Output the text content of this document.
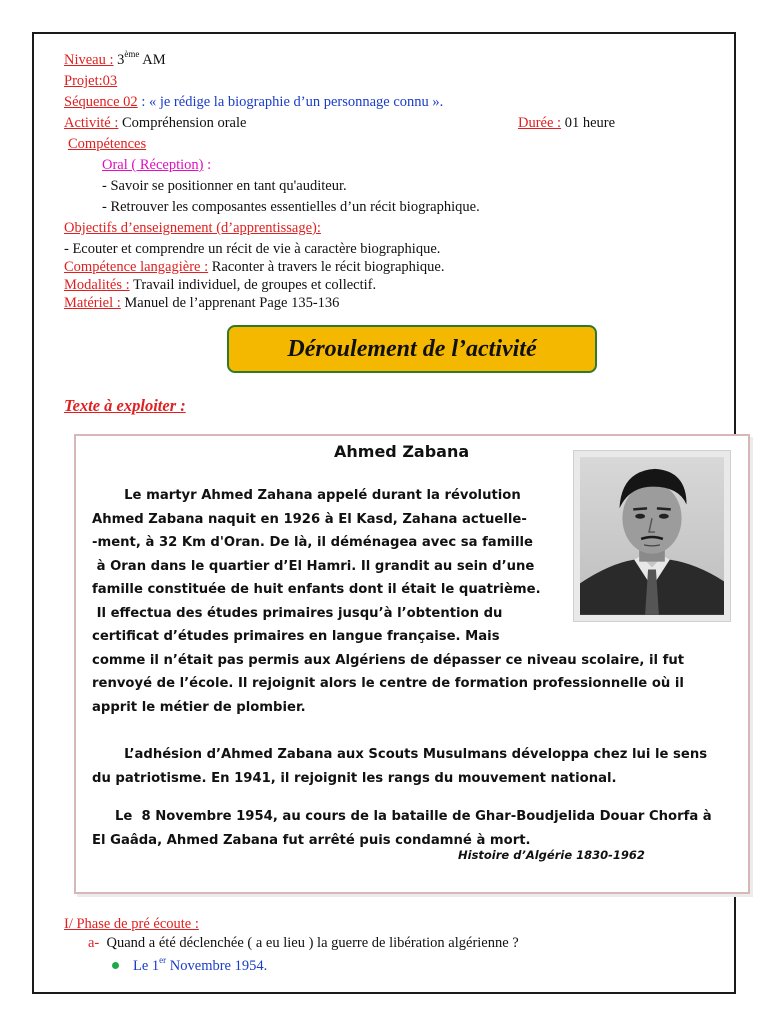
Niveau : 3ème AM
Projet:03
Séquence 02 : « je rédige la biographie d’un personnage connu ».
Activité : Compréhension orale	Durée : 01 heure
Compétences
Oral ( Réception) :
- Savoir se positionner en tant qu'auditeur.
- Retrouver les composantes essentielles d’un récit biographique.
Objectifs d’enseignement (d’apprentissage):
- Ecouter et comprendre un récit de vie à caractère biographique.
Compétence langagière : Raconter à travers le récit biographique.
Modalités : Travail individuel, de groupes et collectif.
Matériel : Manuel de l’apprenant Page 135-136
Déroulement de l’activité
Texte à exploiter :
Ahmed Zabana
Le martyr Ahmed Zahana appelé durant la révolution
Ahmed Zabana naquit en 1926 à El Kasd, Zahana actuelle-
-ment, à 32 Km d'Oran. De là, il déménagea avec sa famille
à Oran dans le quartier d’El Hamri. Il grandit au sein d’une
famille constituée de huit enfants dont il était le quatrième.
Il effectua des études primaires jusqu’à l’obtention du
certificat d’études primaires en langue française. Mais
comme il n’était pas permis aux Algériens de dépasser ce niveau scolaire, il fut
renvoyé de l’école. Il rejoignit alors le centre de formation professionnelle où il
apprit le métier de plombier.
L’adhésion d’Ahmed Zabana aux Scouts Musulmans développa chez lui le sens
du patriotisme. En 1941, il rejoignit les rangs du mouvement national.
Le  8 Novembre 1954, au cours de la bataille de Ghar-Boudjelida Douar Chorfa à
El Gaâda, Ahmed Zabana fut arrêté puis condamné à mort.
Histoire d’Algérie 1830-1962
I/ Phase de pré écoute :
a-  Quand a été déclenchée ( a eu lieu ) la guerre de libération algérienne ?
Le 1er Novembre 1954.
